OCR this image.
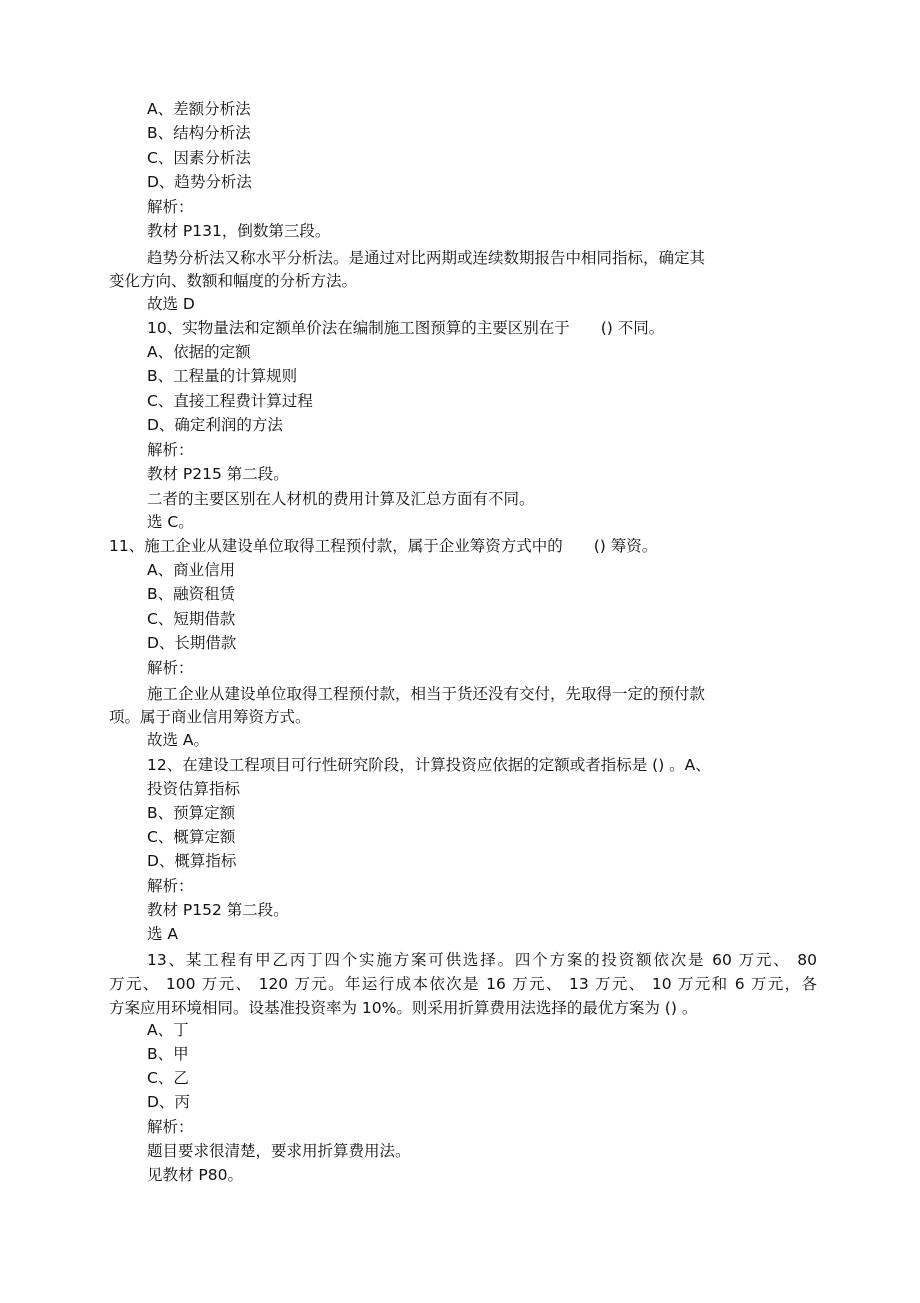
A、差额分析法
B、结构分析法
C、因素分析法
D、趋势分析法
解析：
教材 P131，倒数第三段。
趋势分析法又称水平分析法。是通过对比两期或连续数期报告中相同指标，确定其
变化方向、数额和幅度的分析方法。
故选 D
10、实物量法和定额单价法在编制施工图预算的主要区别在于　　() 不同。
A、依据的定额
B、工程量的计算规则
C、直接工程费计算过程
D、确定利润的方法
解析：
教材 P215 第二段。
二者的主要区别在人材机的费用计算及汇总方面有不同。
选 C。
11、施工企业从建设单位取得工程预付款，属于企业筹资方式中的　　() 筹资。
A、商业信用
B、融资租赁
C、短期借款
D、长期借款
解析：
施工企业从建设单位取得工程预付款，相当于货还没有交付，先取得一定的预付款
项。属于商业信用筹资方式。
故选 A。
12、在建设工程项目可行性研究阶段，计算投资应依据的定额或者指标是 () 。A、
投资估算指标
B、预算定额
C、概算定额
D、概算指标
解析：
教材 P152 第二段。
选 A
13、某工程有甲乙丙丁四个实施方案可供选择。四个方案的投资额依次是 60 万元、 80
万元、 100 万元、 120 万元。年运行成本依次是 16 万元、 13 万元、 10 万元和 6 万元，各
方案应用环境相同。设基准投资率为 10%。则采用折算费用法选择的最优方案为 () 。
A、丁
B、甲
C、乙
D、丙
解析：
题目要求很清楚，要求用折算费用法。
见教材 P80。
